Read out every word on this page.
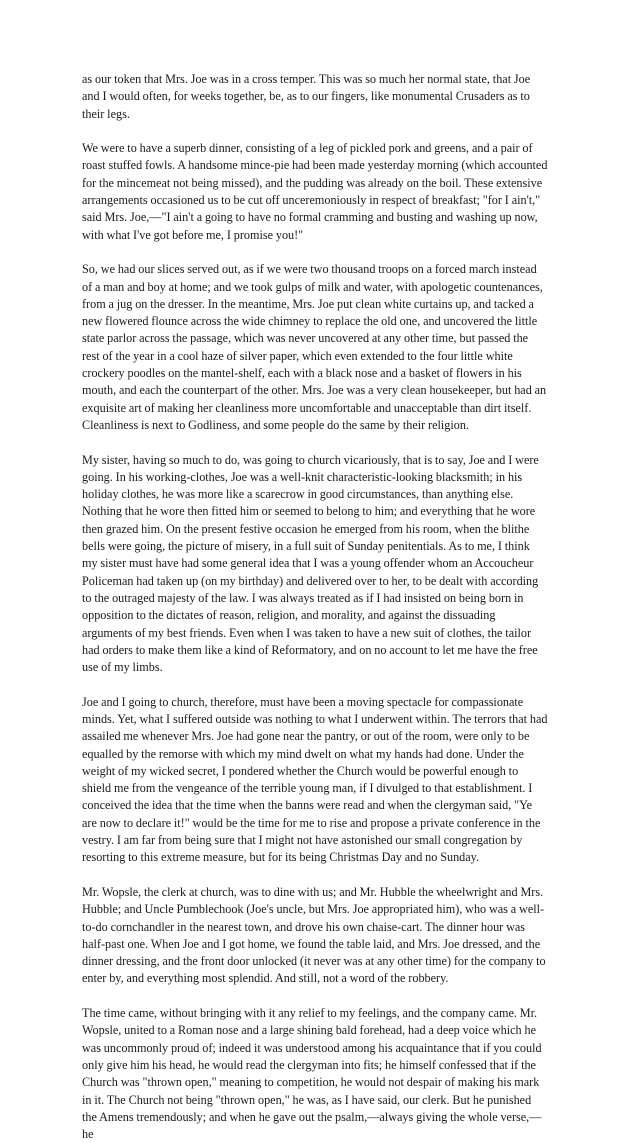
as our token that Mrs. Joe was in a cross temper. This was so much her normal state, that Joe and I would often, for weeks together, be, as to our fingers, like monumental Crusaders as to their legs.

We were to have a superb dinner, consisting of a leg of pickled pork and greens, and a pair of roast stuffed fowls. A handsome mince-pie had been made yesterday morning (which accounted for the mincemeat not being missed), and the pudding was already on the boil. These extensive arrangements occasioned us to be cut off unceremoniously in respect of breakfast; "for I ain't," said Mrs. Joe,—"I ain't a going to have no formal cramming and busting and washing up now, with what I've got before me, I promise you!"

So, we had our slices served out, as if we were two thousand troops on a forced march instead of a man and boy at home; and we took gulps of milk and water, with apologetic countenances, from a jug on the dresser. In the meantime, Mrs. Joe put clean white curtains up, and tacked a new flowered flounce across the wide chimney to replace the old one, and uncovered the little state parlor across the passage, which was never uncovered at any other time, but passed the rest of the year in a cool haze of silver paper, which even extended to the four little white crockery poodles on the mantel-shelf, each with a black nose and a basket of flowers in his mouth, and each the counterpart of the other. Mrs. Joe was a very clean housekeeper, but had an exquisite art of making her cleanliness more uncomfortable and unacceptable than dirt itself. Cleanliness is next to Godliness, and some people do the same by their religion.

My sister, having so much to do, was going to church vicariously, that is to say, Joe and I were going. In his working-clothes, Joe was a well-knit characteristic-looking blacksmith; in his holiday clothes, he was more like a scarecrow in good circumstances, than anything else. Nothing that he wore then fitted him or seemed to belong to him; and everything that he wore then grazed him. On the present festive occasion he emerged from his room, when the blithe bells were going, the picture of misery, in a full suit of Sunday penitentials. As to me, I think my sister must have had some general idea that I was a young offender whom an Accoucheur Policeman had taken up (on my birthday) and delivered over to her, to be dealt with according to the outraged majesty of the law. I was always treated as if I had insisted on being born in opposition to the dictates of reason, religion, and morality, and against the dissuading arguments of my best friends. Even when I was taken to have a new suit of clothes, the tailor had orders to make them like a kind of Reformatory, and on no account to let me have the free use of my limbs.

Joe and I going to church, therefore, must have been a moving spectacle for compassionate minds. Yet, what I suffered outside was nothing to what I underwent within. The terrors that had assailed me whenever Mrs. Joe had gone near the pantry, or out of the room, were only to be equalled by the remorse with which my mind dwelt on what my hands had done. Under the weight of my wicked secret, I pondered whether the Church would be powerful enough to shield me from the vengeance of the terrible young man, if I divulged to that establishment. I conceived the idea that the time when the banns were read and when the clergyman said, "Ye are now to declare it!" would be the time for me to rise and propose a private conference in the vestry. I am far from being sure that I might not have astonished our small congregation by resorting to this extreme measure, but for its being Christmas Day and no Sunday.

Mr. Wopsle, the clerk at church, was to dine with us; and Mr. Hubble the wheelwright and Mrs. Hubble; and Uncle Pumblechook (Joe's uncle, but Mrs. Joe appropriated him), who was a well-to-do cornchandler in the nearest town, and drove his own chaise-cart. The dinner hour was half-past one. When Joe and I got home, we found the table laid, and Mrs. Joe dressed, and the dinner dressing, and the front door unlocked (it never was at any other time) for the company to enter by, and everything most splendid. And still, not a word of the robbery.

The time came, without bringing with it any relief to my feelings, and the company came. Mr. Wopsle, united to a Roman nose and a large shining bald forehead, had a deep voice which he was uncommonly proud of; indeed it was understood among his acquaintance that if you could only give him his head, he would read the clergyman into fits; he himself confessed that if the Church was "thrown open," meaning to competition, he would not despair of making his mark in it. The Church not being "thrown open," he was, as I have said, our clerk. But he punished the Amens tremendously; and when he gave out the psalm,—always giving the whole verse,—he
